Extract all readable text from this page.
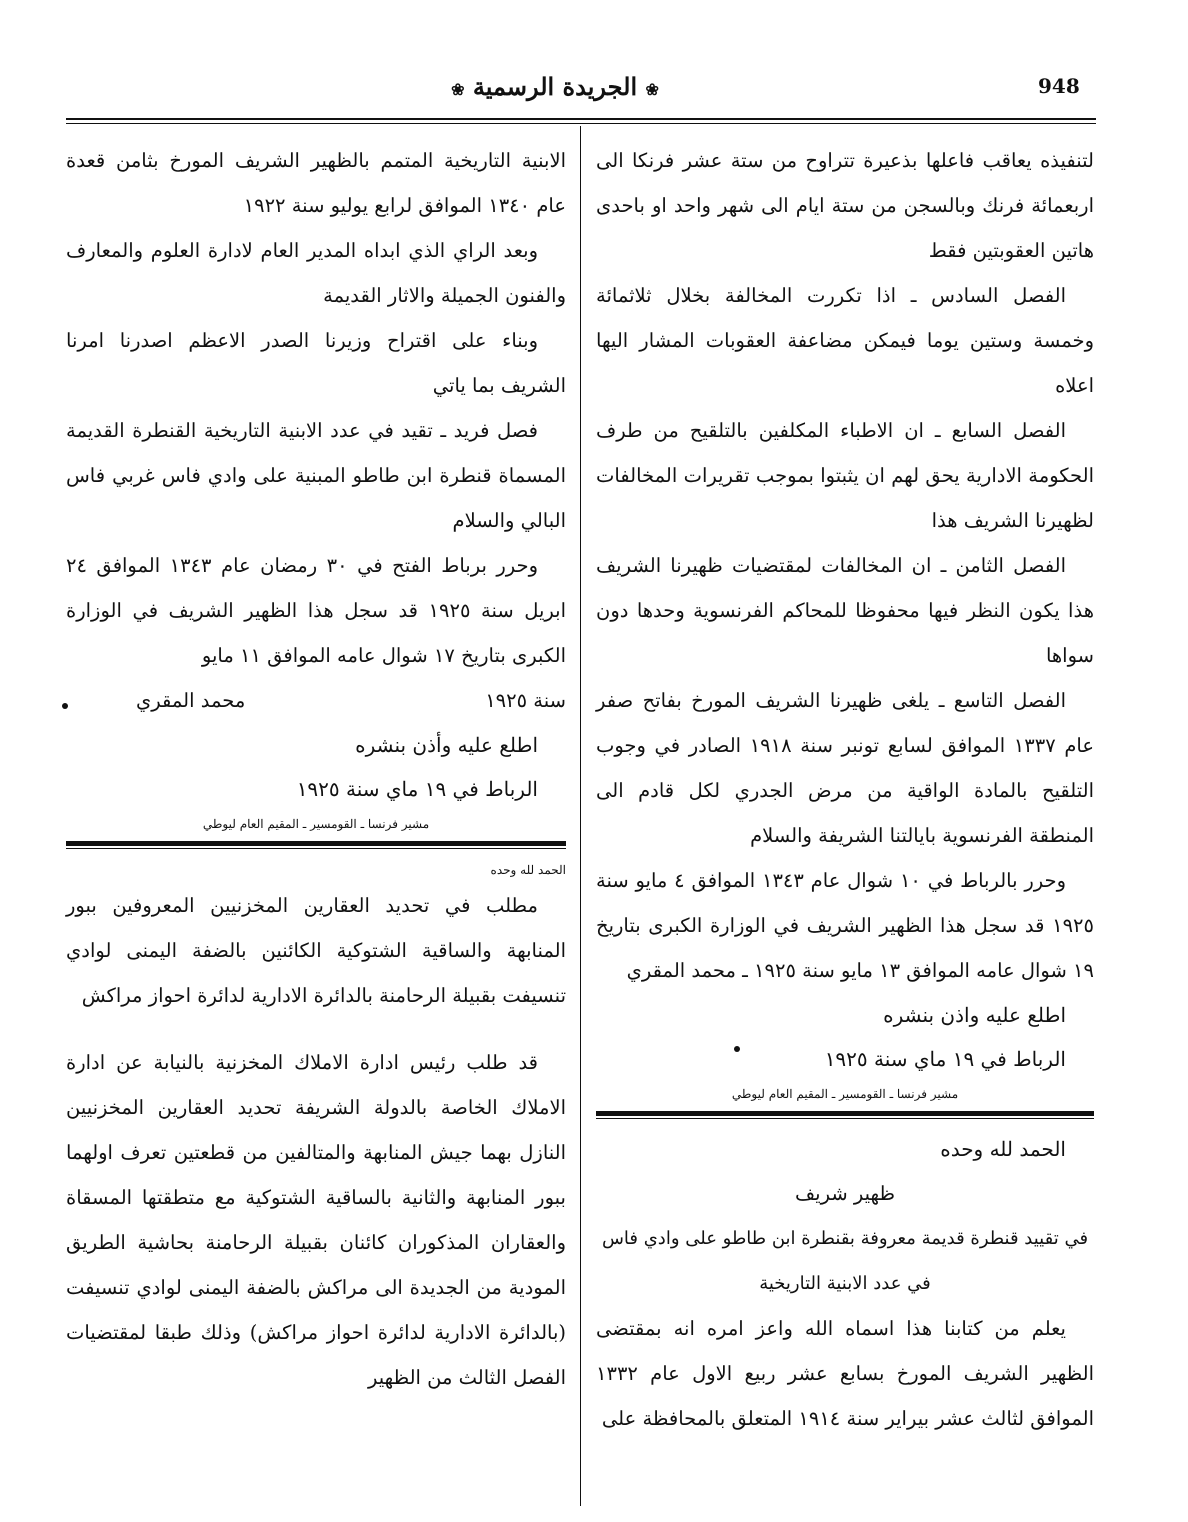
948
❀ الجريدة الرسمية ❀

لتنفيذه يعاقب فاعلها بذعيرة تتراوح من ستة عشر فرنكا الى اربعمائة فرنك وبالسجن من ستة ايام الى شهر واحد او باحدى هاتين العقوبتين فقط

الفصل السادس ـ اذا تكررت المخالفة بخلال ثلاثمائة وخمسة وستين يوما فيمكن مضاعفة العقوبات المشار اليها اعلاه

الفصل السابع ـ ان الاطباء المكلفين بالتلقيح من طرف الحكومة الادارية يحق لهم ان يثبتوا بموجب تقريرات المخالفات لظهيرنا الشريف هذا

الفصل الثامن ـ ان المخالفات لمقتضيات ظهيرنا الشريف هذا يكون النظر فيها محفوظا للمحاكم الفرنسوية وحدها دون سواها

الفصل التاسع ـ يلغى ظهيرنا الشريف المورخ بفاتح صفر عام ١٣٣٧ الموافق لسابع تونبر سنة ١٩١٨ الصادر في وجوب التلقيح بالمادة الواقية من مرض الجدري لكل قادم الى المنطقة الفرنسوية بايالتنا الشريفة والسلام

وحرر بالرباط في ١٠ شوال عام ١٣٤٣ الموافق ٤ مايو سنة ١٩٢٥ قد سجل هذا الظهير الشريف في الوزارة الكبرى بتاريخ ١٩ شوال عامه الموافق ١٣ مايو سنة ١٩٢٥ ـ محمد المقري

اطلع عليه واذن بنشره

الرباط في ١٩ ماي سنة ١٩٢٥

مشير فرنسا ـ القومسير ـ المقيم العام ليوطي

الحمد لله وحده

ظهير شريف

في تقييد قنطرة قديمة معروفة بقنطرة ابن طاطو على وادي فاس في عدد الابنية التاريخية

يعلم من كتابنا هذا اسماه الله واعز امره انه بمقتضى الظهير الشريف المورخ بسابع عشر ربيع الاول عام ١٣٣٢ الموافق لثالث عشر بيراير سنة ١٩١٤ المتعلق بالمحافظة على

الابنية التاريخية المتمم بالظهير الشريف المورخ بثامن قعدة عام ١٣٤٠ الموافق لرابع يوليو سنة ١٩٢٢

وبعد الراي الذي ابداه المدير العام لادارة العلوم والمعارف والفنون الجميلة والاثار القديمة

وبناء على اقتراح وزيرنا الصدر الاعظم اصدرنا امرنا الشريف بما ياتي

فصل فريد ـ تقيد في عدد الابنية التاريخية القنطرة القديمة المسماة قنطرة ابن طاطو المبنية على وادي فاس غربي فاس البالي والسلام

وحرر برباط الفتح في ٣٠ رمضان عام ١٣٤٣ الموافق ٢٤ ابريل سنة ١٩٢٥ قد سجل هذا الظهير الشريف في الوزارة الكبرى بتاريخ ١٧ شوال عامه الموافق ١١ مايو

سنة ١٩٢٥
محمد المقري

اطلع عليه وأذن بنشره

الرباط في ١٩ ماي سنة ١٩٢٥

مشير فرنسا ـ القومسير ـ المقيم العام ليوطي

الحمد لله وحده

مطلب في تحديد العقارين المخزنيين المعروفين ببور المنابهة والساقية الشتوكية الكائنين بالضفة اليمنى لوادي تنسيفت بقبيلة الرحامنة بالدائرة الادارية لدائرة احواز مراكش

قد طلب رئيس ادارة الاملاك المخزنية بالنيابة عن ادارة الاملاك الخاصة بالدولة الشريفة تحديد العقارين المخزنيين النازل بهما جيش المنابهة والمتالفين من قطعتين تعرف اولهما ببور المنابهة والثانية بالساقية الشتوكية مع متطقتها المسقاة والعقاران المذكوران كائنان بقبيلة الرحامنة بحاشية الطريق المودية من الجديدة الى مراكش بالضفة اليمنى لوادي تنسيفت (بالدائرة الادارية لدائرة احواز مراكش) وذلك طبقا لمقتضيات الفصل الثالث من الظهير
